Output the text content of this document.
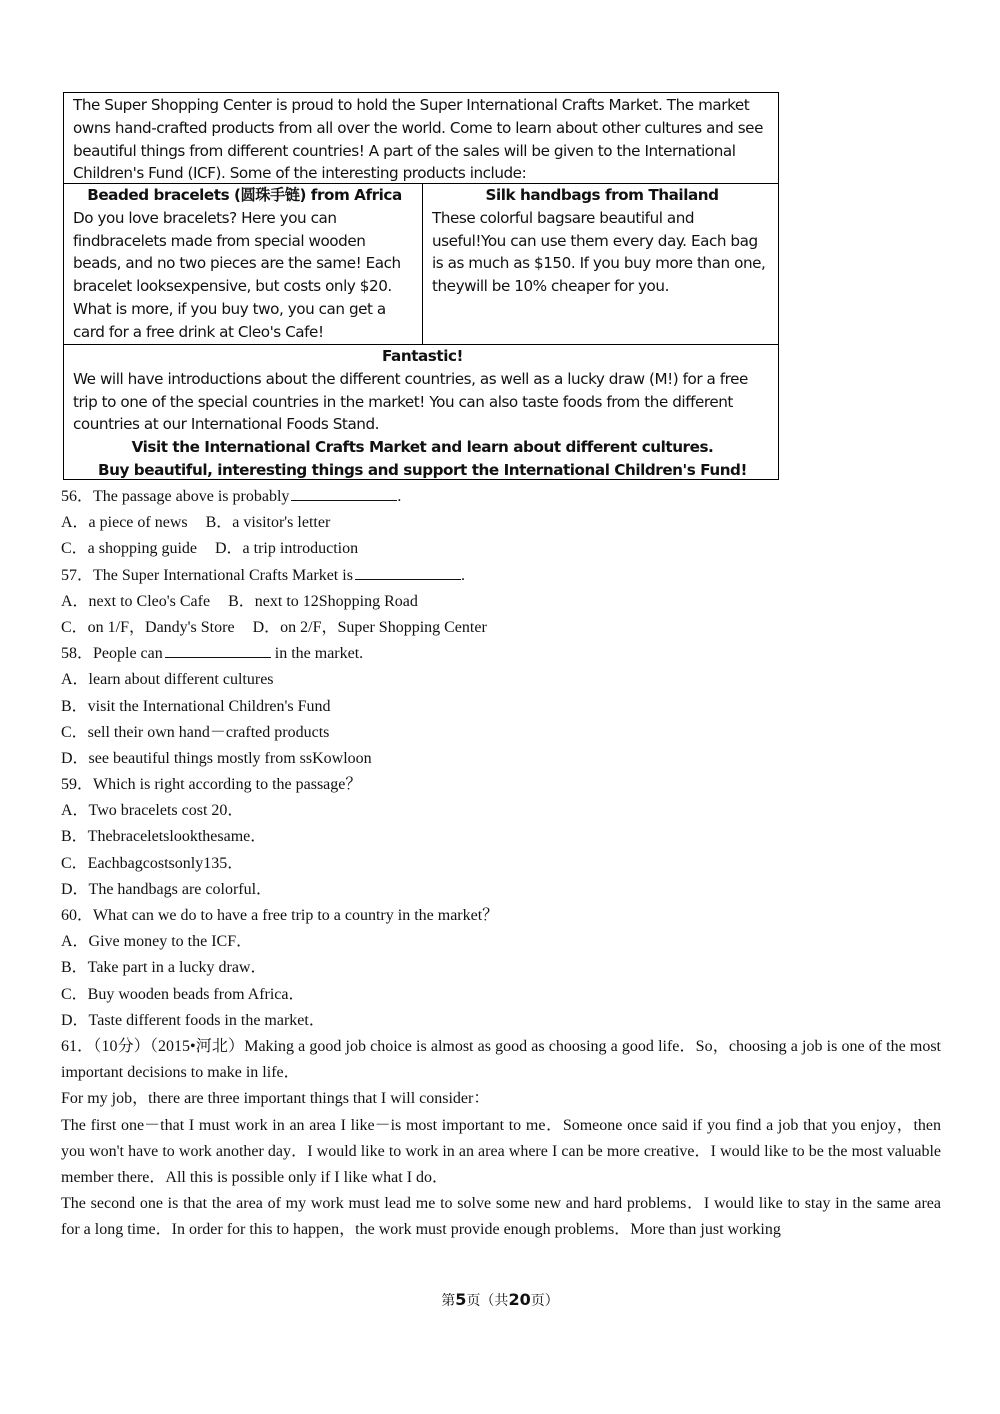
The Super Shopping Center is proud to hold the Super International Crafts Market. The market owns hand-crafted products from all over the world. Come to learn about other cultures and see beautiful things from different countries! A part of the sales will be given to the International Children's Fund (ICF). Some of the interesting products include:

Beaded bracelets (圆珠手链) from Africa

Do you love bracelets? Here you can findbracelets made from special wooden beads, and no two pieces are the same! Each bracelet looksexpensive, but costs only $20. What is more, if you buy two, you can get a card for a free drink at Cleo's Cafe!

Silk handbags from Thailand

These colorful bagsare beautiful and useful!You can use them every day. Each bag is as much as $150. If you buy more than one, theywill be 10% cheaper for you.

Fantastic!

We will have introductions about the different countries, as well as a lucky draw (M!) for a free trip to one of the special countries in the market! You can also taste foods from the different countries at our International Foods Stand.

Visit the International Crafts Market and learn about different cultures.

Buy beautiful, interesting things and support the International Children's Fund!

56．The passage above is probably	.
A．a piece of news B．a visitor's letter
C．a shopping guide D．a trip introduction
57．The Super International Crafts Market is	.
A．next to Cleo's Cafe B．next to 12Shopping Road
C．on 1/F，Dandy's Store D．on 2/F，Super Shopping Center
58．People can	in the market.
A．learn about different cultures
B．visit the International Children's Fund
C．sell their own hand－crafted products
D．see beautiful things mostly from ssKowloon
59．Which is right according to the passage？
A．Two bracelets cost 20．
B．Thebraceletslookthesame．
C．Eachbagcostsonly135．
D．The handbags are colorful．
60．What can we do to have a free trip to a country in the market？
A．Give money to the ICF．
B．Take part in a lucky draw．
C．Buy wooden beads from Africa．
D．Taste different foods in the market．
61．（10分）（2015•河北）Making a good job choice is almost as good as choosing a good life．So，choosing a job is one of the most important decisions to make in life．
For my job，there are three important things that I will consider：
The first one－that I must work in an area I like－is most important to me．Someone once said if you find a job that you enjoy，then you won't have to work another day．I would like to work in an area where I can be more creative．I would like to be the most valuable member there．All this is possible only if I like what I do．
The second one is that the area of my work must lead me to solve some new and hard problems．I would like to stay in the same area for a long time．In order for this to happen，the work must provide enough problems．More than just working
第5页（共20页）
